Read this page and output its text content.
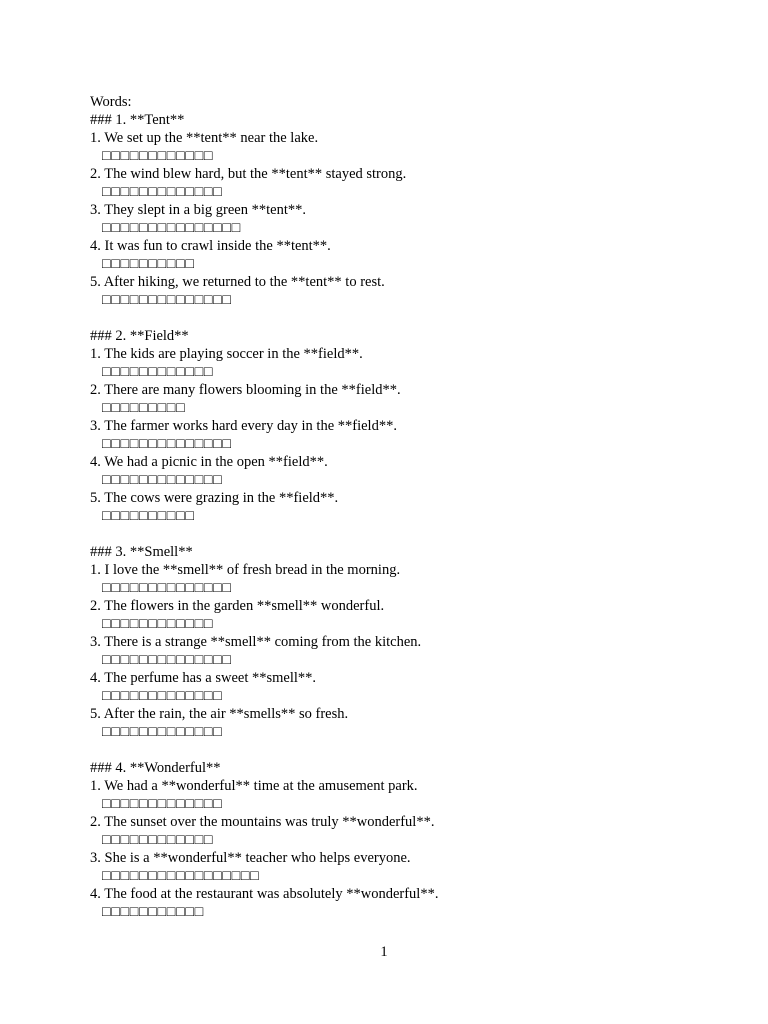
Words:
### 1. **Tent**
1. We set up the **tent** near the lake.
□□□□□□□□□□□□
2. The wind blew hard, but the **tent** stayed strong.
□□□□□□□□□□□□□
3. They slept in a big green **tent**.
□□□□□□□□□□□□□□□
4. It was fun to crawl inside the **tent**.
□□□□□□□□□□
5. After hiking, we returned to the **tent** to rest.
□□□□□□□□□□□□□□
### 2. **Field**
1. The kids are playing soccer in the **field**.
□□□□□□□□□□□□
2. There are many flowers blooming in the **field**.
□□□□□□□□□
3. The farmer works hard every day in the **field**.
□□□□□□□□□□□□□□
4. We had a picnic in the open **field**.
□□□□□□□□□□□□□
5. The cows were grazing in the **field**.
□□□□□□□□□□
### 3. **Smell**
1. I love the **smell** of fresh bread in the morning.
□□□□□□□□□□□□□□
2. The flowers in the garden **smell** wonderful.
□□□□□□□□□□□□
3. There is a strange **smell** coming from the kitchen.
□□□□□□□□□□□□□□
4. The perfume has a sweet **smell**.
□□□□□□□□□□□□□
5. After the rain, the air **smells** so fresh.
□□□□□□□□□□□□□
### 4. **Wonderful**
1. We had a **wonderful** time at the amusement park.
□□□□□□□□□□□□□
2. The sunset over the mountains was truly **wonderful**.
□□□□□□□□□□□□
3. She is a **wonderful** teacher who helps everyone.
□□□□□□□□□□□□□□□□□
4. The food at the restaurant was absolutely **wonderful**.
□□□□□□□□□□□
1
